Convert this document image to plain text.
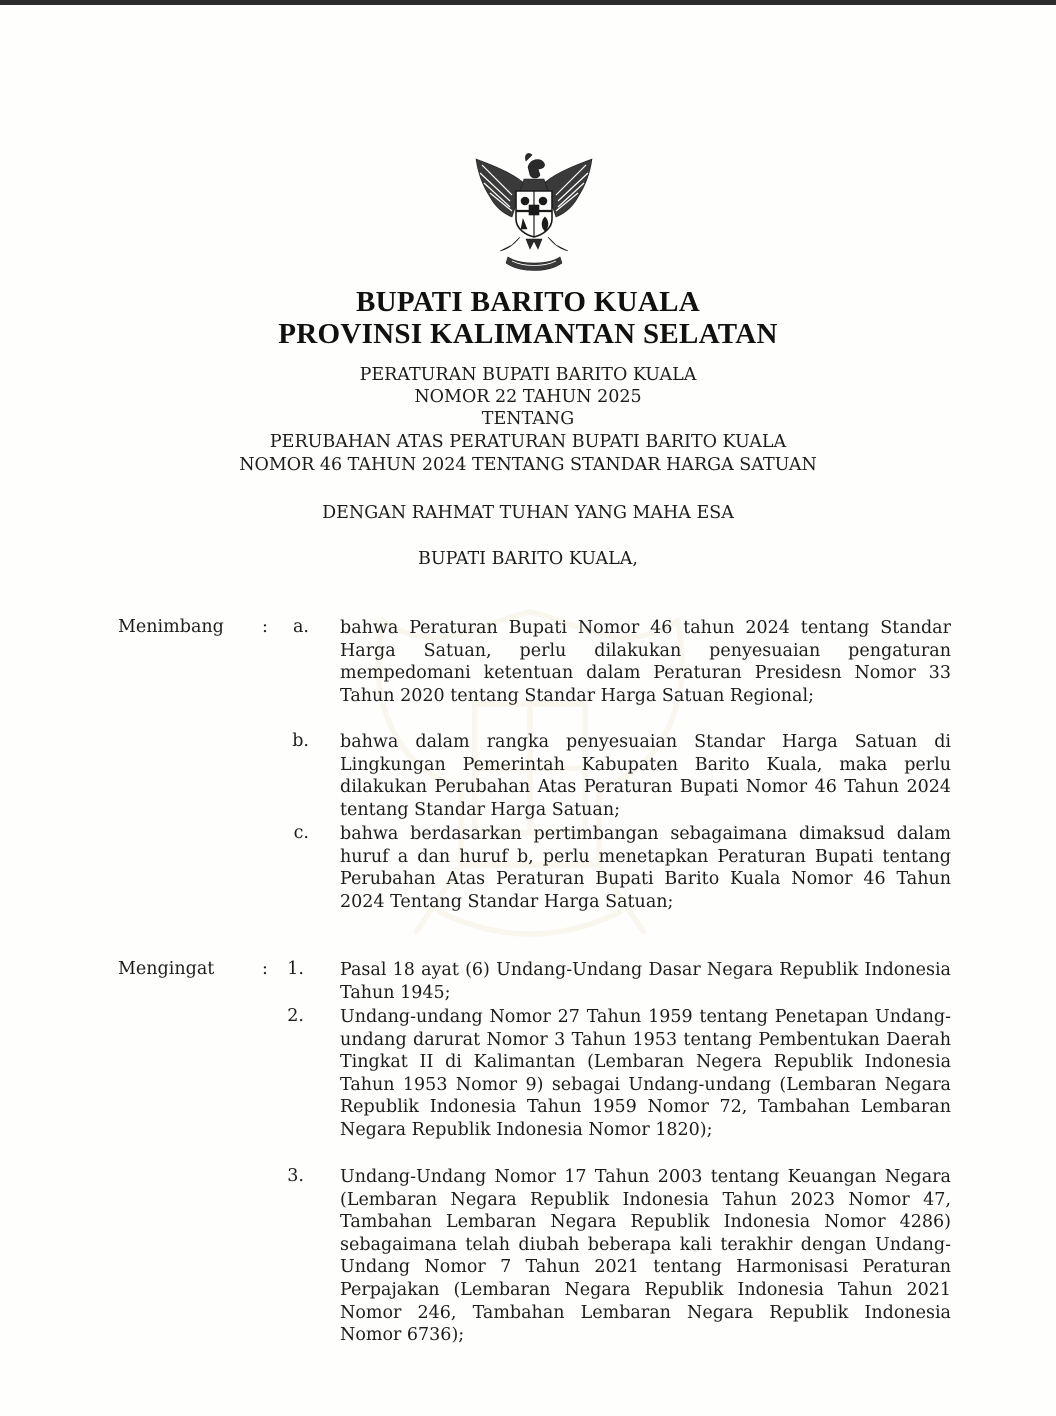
BUPATI BARITO KUALA
PROVINSI KALIMANTAN SELATAN
PERATURAN BUPATI BARITO KUALA
NOMOR 22 TAHUN 2025
TENTANG
PERUBAHAN ATAS PERATURAN BUPATI BARITO KUALA
NOMOR 46 TAHUN 2024 TENTANG STANDAR HARGA SATUAN
DENGAN RAHMAT TUHAN YANG MAHA ESA
BUPATI BARITO KUALA,
Menimbang :	a. bahwa Peraturan Bupati Nomor 46 tahun 2024 tentang Standar Harga Satuan, perlu dilakukan penyesuaian pengaturan mempedomani ketentuan dalam Peraturan Presidesn Nomor 33 Tahun 2020 tentang Standar Harga Satuan Regional;
b. bahwa dalam rangka penyesuaian Standar Harga Satuan di Lingkungan Pemerintah Kabupaten Barito Kuala, maka perlu dilakukan Perubahan Atas Peraturan Bupati Nomor 46 Tahun 2024 tentang Standar Harga Satuan;
c. bahwa berdasarkan pertimbangan sebagaimana dimaksud dalam huruf a dan huruf b, perlu menetapkan Peraturan Bupati tentang Perubahan Atas Peraturan Bupati Barito Kuala Nomor 46 Tahun 2024 Tentang Standar Harga Satuan;
Mengingat	:	1. Pasal 18 ayat (6) Undang-Undang Dasar Negara Republik Indonesia Tahun 1945;
2. Undang-undang Nomor 27 Tahun 1959 tentang Penetapan Undang-undang darurat Nomor 3 Tahun 1953 tentang Pembentukan Daerah Tingkat II di Kalimantan (Lembaran Negera Republik Indonesia Tahun 1953 Nomor 9) sebagai Undang-undang (Lembaran Negara Republik Indonesia Tahun 1959 Nomor 72, Tambahan Lembaran Negara Republik Indonesia Nomor 1820);
3. Undang-Undang Nomor 17 Tahun 2003 tentang Keuangan Negara (Lembaran Negara Republik Indonesia Tahun 2023 Nomor 47, Tambahan Lembaran Negara Republik Indonesia Nomor 4286) sebagaimana telah diubah beberapa kali terakhir dengan Undang-Undang Nomor 7 Tahun 2021 tentang Harmonisasi Peraturan Perpajakan (Lembaran Negara Republik Indonesia Tahun 2021 Nomor 246, Tambahan Lembaran Negara Republik Indonesia Nomor 6736);
